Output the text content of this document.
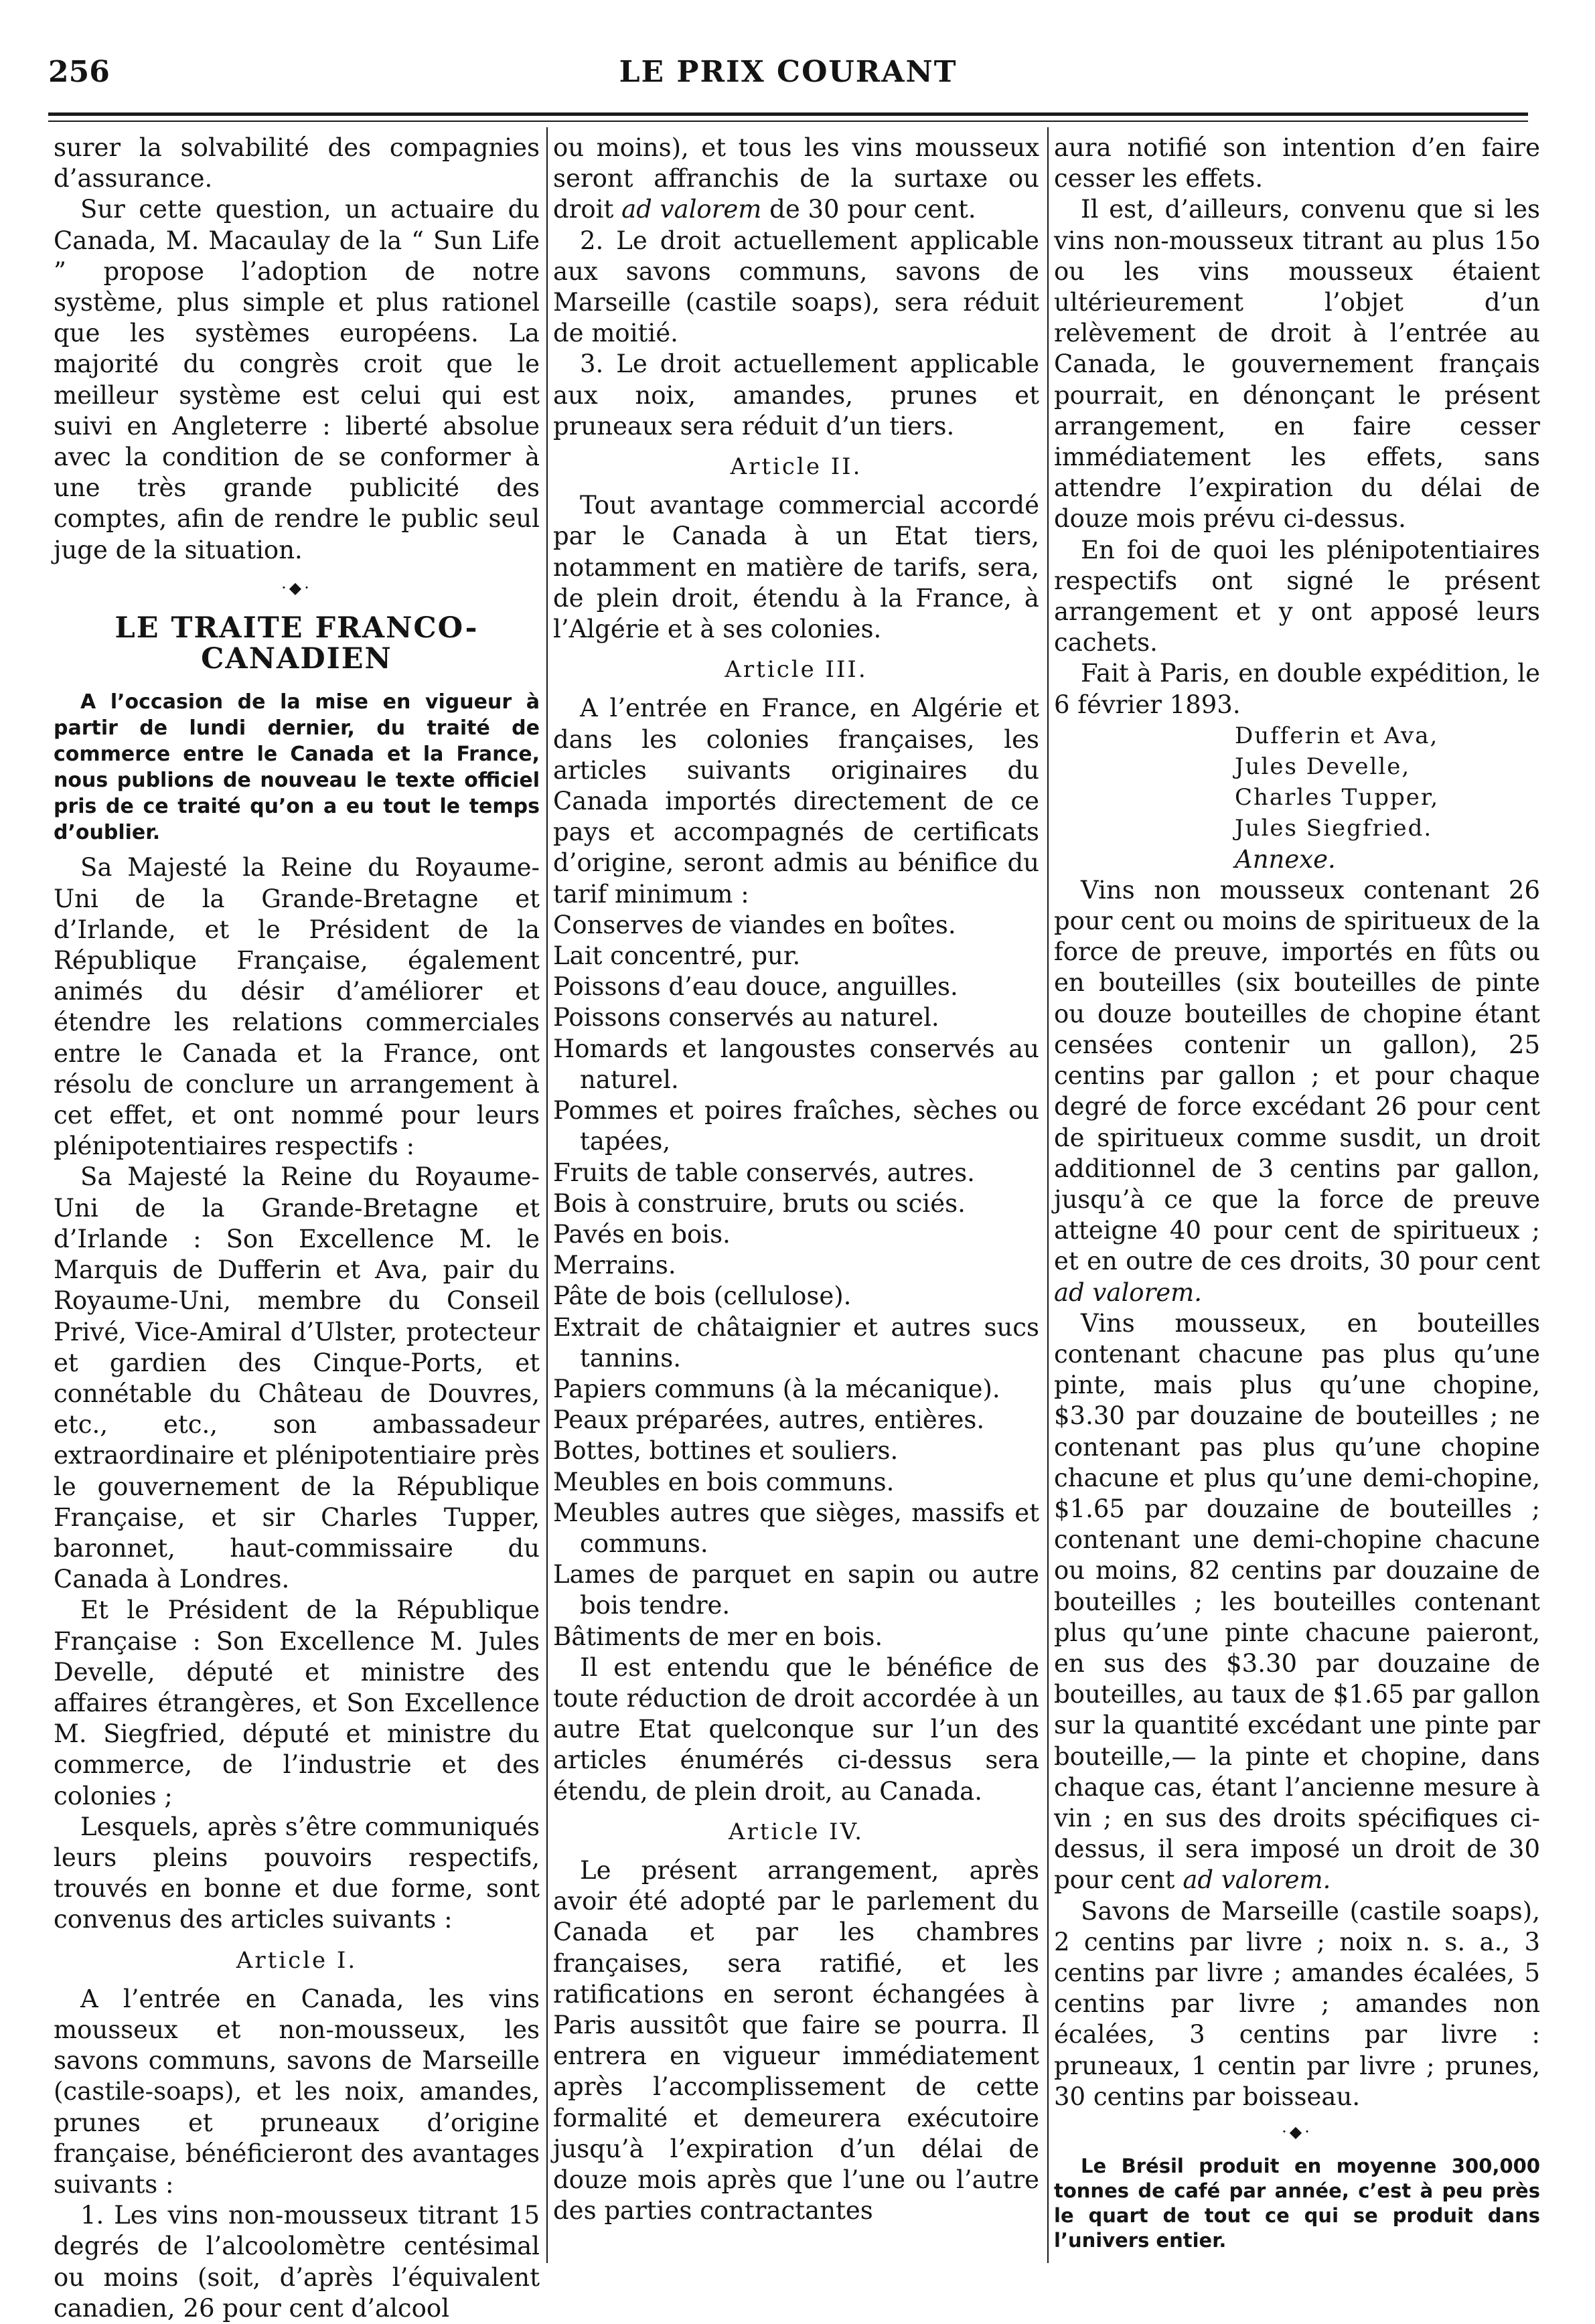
256	LE PRIX COURANT

surer la solvabilité des compagnies d’assurance.

Sur cette question, un actuaire du Canada, M. Macaulay de la “ Sun Life ” propose l’adoption de notre système, plus simple et plus rationel que les systèmes européens. La majorité du congrès croit que le meilleur système est celui qui est suivi en Angleterre : liberté absolue avec la condition de se conformer à une très grande publicité des comptes, afin de rendre le public seul juge de la situation.

·◆·
LE TRAITE FRANCO-CANADIEN

A l’occasion de la mise en vigueur à partir de lundi dernier, du traité de commerce entre le Canada et la France, nous publions de nouveau le texte officiel pris de ce traité qu’on a eu tout le temps d’oublier.

Sa Majesté la Reine du Royaume-Uni de la Grande-Bretagne et d’Irlande, et le Président de la République Française, également animés du désir d’améliorer et étendre les relations commerciales entre le Canada et la France, ont résolu de conclure un arrangement à cet effet, et ont nommé pour leurs plénipotentiaires respectifs :

Sa Majesté la Reine du Royaume-Uni de la Grande-Bretagne et d’Irlande : Son Excellence M. le Marquis de Dufferin et Ava, pair du Royaume-Uni, membre du Conseil Privé, Vice-Amiral d’Ulster, protecteur et gardien des Cinque-Ports, et connétable du Château de Douvres, etc., etc., son ambassadeur extraordinaire et plénipotentiaire près le gouvernement de la République Française, et sir Charles Tupper, baronnet, haut-commissaire du Canada à Londres.

Et le Président de la République Française : Son Excellence M. Jules Develle, député et ministre des affaires étrangères, et Son Excellence M. Siegfried, député et ministre du commerce, de l’industrie et des colonies ;

Lesquels, après s’être communiqués leurs pleins pouvoirs respectifs, trouvés en bonne et due forme, sont convenus des articles suivants :

Article I.

A l’entrée en Canada, les vins mousseux et non-mousseux, les savons communs, savons de Marseille (castile-soaps), et les noix, amandes, prunes et pruneaux d’origine française, bénéficieront des avantages suivants :

1. Les vins non-mousseux titrant 15 degrés de l’alcoolomètre centésimal ou moins (soit, d’après l’équivalent canadien, 26 pour cent d’alcool

ou moins), et tous les vins mousseux seront affranchis de la surtaxe ou droit ad valorem de 30 pour cent.

2. Le droit actuellement applicable aux savons communs, savons de Marseille (castile soaps), sera réduit de moitié.

3. Le droit actuellement applicable aux noix, amandes, prunes et pruneaux sera réduit d’un tiers.

Article II.

Tout avantage commercial accordé par le Canada à un Etat tiers, notamment en matière de tarifs, sera, de plein droit, étendu à la France, à l’Algérie et à ses colonies.

Article III.

A l’entrée en France, en Algérie et dans les colonies françaises, les articles suivants originaires du Canada importés directement de ce pays et accompagnés de certificats d’origine, seront admis au bénifice du tarif minimum :

Conserves de viandes en boîtes.

Lait concentré, pur.

Poissons d’eau douce, anguilles.

Poissons conservés au naturel.

Homards et langoustes conservés au naturel.

Pommes et poires fraîches, sèches ou tapées,

Fruits de table conservés, autres.

Bois à construire, bruts ou sciés.

Pavés en bois.

Merrains.

Pâte de bois (cellulose).

Extrait de châtaignier et autres sucs tannins.

Papiers communs (à la mécanique).

Peaux préparées, autres, entières.

Bottes, bottines et souliers.

Meubles en bois communs.

Meubles autres que sièges, massifs et communs.

Lames de parquet en sapin ou autre bois tendre.

Bâtiments de mer en bois.

Il est entendu que le bénéfice de toute réduction de droit accordée à un autre Etat quelconque sur l’un des articles énumérés ci-dessus sera étendu, de plein droit, au Canada.

Article IV.

Le présent arrangement, après avoir été adopté par le parlement du Canada et par les chambres françaises, sera ratifié, et les ratifications en seront échangées à Paris aussitôt que faire se pourra. Il entrera en vigueur immédiatement après l’accomplissement de cette formalité et demeurera exécutoire jusqu’à l’expiration d’un délai de douze mois après que l’une ou l’autre des parties contractantes

aura notifié son intention d’en faire cesser les effets.

Il est, d’ailleurs, convenu que si les vins non-mousseux titrant au plus 15o ou les vins mousseux étaient ultérieurement l’objet d’un relèvement de droit à l’entrée au Canada, le gouvernement français pourrait, en dénonçant le présent arrangement, en faire cesser immédiatement les effets, sans attendre l’expiration du délai de douze mois prévu ci-dessus.

En foi de quoi les plénipotentiaires respectifs ont signé le présent arrangement et y ont apposé leurs cachets.

Fait à Paris, en double expédition, le 6 février 1893.

Dufferin et Ava,

Jules Develle,

Charles Tupper,

Jules Siegfried.

Annexe.

Vins non mousseux contenant 26 pour cent ou moins de spiritueux de la force de preuve, importés en fûts ou en bouteilles (six bouteilles de pinte ou douze bouteilles de chopine étant censées contenir un gallon), 25 centins par gallon ; et pour chaque degré de force excédant 26 pour cent de spiritueux comme susdit, un droit additionnel de 3 centins par gallon, jusqu’à ce que la force de preuve atteigne 40 pour cent de spiritueux ; et en outre de ces droits, 30 pour cent ad valorem.

Vins mousseux, en bouteilles contenant chacune pas plus qu’une pinte, mais plus qu’une chopine, $3.30 par douzaine de bouteilles ; ne contenant pas plus qu’une chopine chacune et plus qu’une demi-chopine, $1.65 par douzaine de bouteilles ; contenant une demi-chopine chacune ou moins, 82 centins par douzaine de bouteilles ; les bouteilles contenant plus qu’une pinte chacune paieront, en sus des $3.30 par douzaine de bouteilles, au taux de $1.65 par gallon sur la quantité excédant une pinte par bouteille,— la pinte et chopine, dans chaque cas, étant l’ancienne mesure à vin ; en sus des droits spécifiques ci-dessus, il sera imposé un droit de 30 pour cent ad valorem.

Savons de Marseille (castile soaps), 2 centins par livre ; noix n. s. a., 3 centins par livre ; amandes écalées, 5 centins par livre ; amandes non écalées, 3 centins par livre : pruneaux, 1 centin par livre ; prunes, 30 centins par boisseau.

·◆·

Le Brésil produit en moyenne 300,000 tonnes de café par année, c’est à peu près le quart de tout ce qui se produit dans l’univers entier.
